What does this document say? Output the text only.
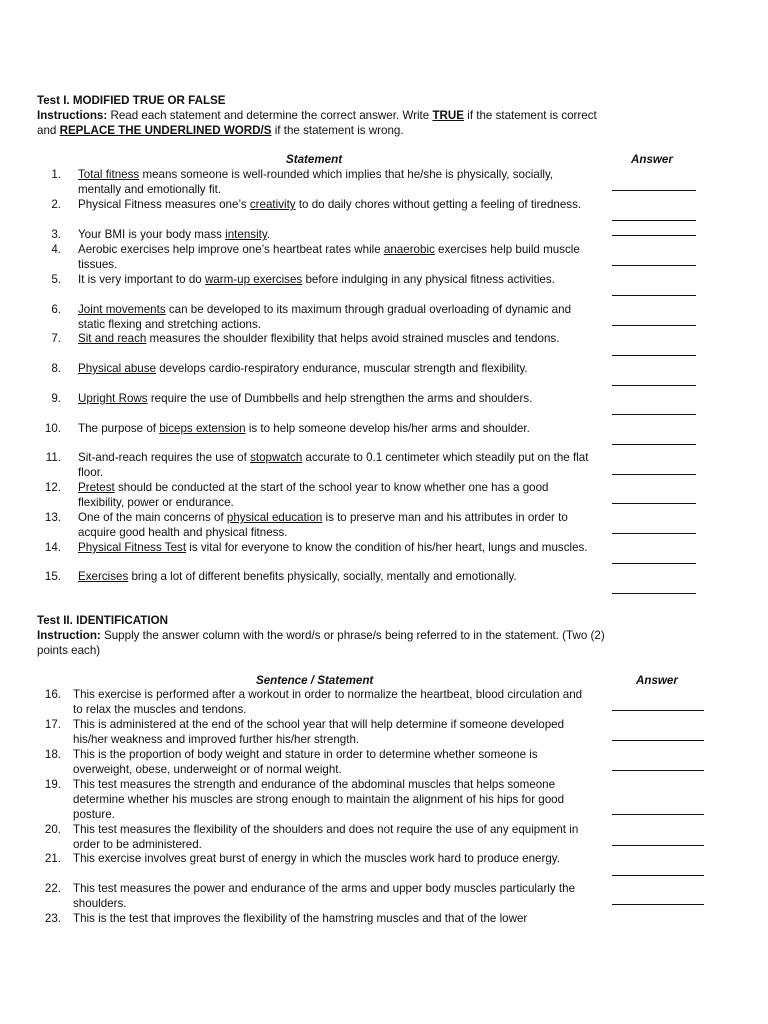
Test I. MODIFIED TRUE OR FALSE
Instructions: Read each statement and determine the correct answer. Write TRUE if the statement is correct and REPLACE THE UNDERLINED WORD/S if the statement is wrong.
Statement	Answer
1. Total fitness means someone is well-rounded which implies that he/she is physically, socially, mentally and emotionally fit.
2. Physical Fitness measures one’s creativity to do daily chores without getting a feeling of tiredness.
3. Your BMI is your body mass intensity.
4. Aerobic exercises help improve one’s heartbeat rates while anaerobic exercises help build muscle tissues.
5. It is very important to do warm-up exercises before indulging in any physical fitness activities.
6. Joint movements can be developed to its maximum through gradual overloading of dynamic and static flexing and stretching actions.
7. Sit and reach measures the shoulder flexibility that helps avoid strained muscles and tendons.
8. Physical abuse develops cardio-respiratory endurance, muscular strength and flexibility.
9. Upright Rows require the use of Dumbbells and help strengthen the arms and shoulders.
10. The purpose of biceps extension is to help someone develop his/her arms and shoulder.
11. Sit-and-reach requires the use of stopwatch accurate to 0.1 centimeter which steadily put on the flat floor.
12. Pretest should be conducted at the start of the school year to know whether one has a good flexibility, power or endurance.
13. One of the main concerns of physical education is to preserve man and his attributes in order to acquire good health and physical fitness.
14. Physical Fitness Test is vital for everyone to know the condition of his/her heart, lungs and muscles.
15. Exercises bring a lot of different benefits physically, socially, mentally and emotionally.
Test II. IDENTIFICATION
Instruction: Supply the answer column with the word/s or phrase/s being referred to in the statement. (Two (2) points each)
Sentence / Statement	Answer
16. This exercise is performed after a workout in order to normalize the heartbeat, blood circulation and to relax the muscles and tendons.
17. This is administered at the end of the school year that will help determine if someone developed his/her weakness and improved further his/her strength.
18. This is the proportion of body weight and stature in order to determine whether someone is overweight, obese, underweight or of normal weight.
19. This test measures the strength and endurance of the abdominal muscles that helps someone determine whether his muscles are strong enough to maintain the alignment of his hips for good posture.
20. This test measures the flexibility of the shoulders and does not require the use of any equipment in order to be administered.
21. This exercise involves great burst of energy in which the muscles work hard to produce energy.
22. This test measures the power and endurance of the arms and upper body muscles particularly the shoulders.
23. This is the test that improves the flexibility of the hamstring muscles and that of the lower
